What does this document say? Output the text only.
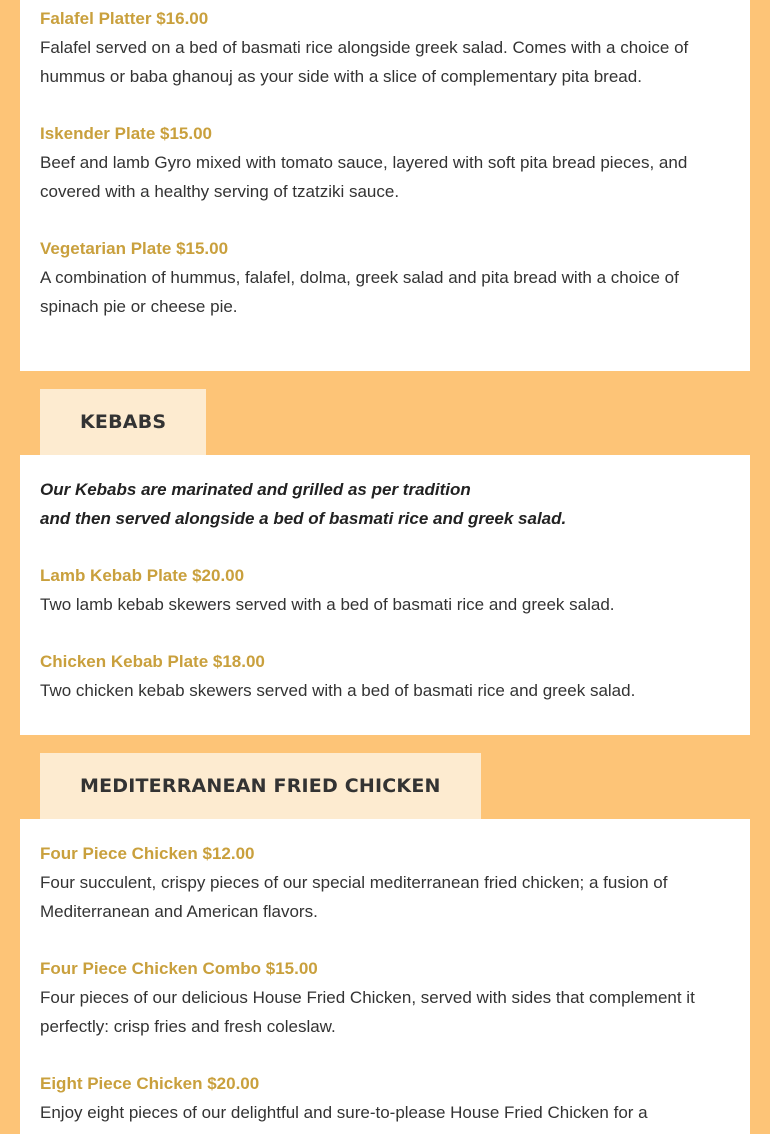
Falafel Platter $16.00
Falafel served on a bed of basmati rice alongside greek salad. Comes with a choice of hummus or baba ghanouj as your side with a slice of complementary pita bread.
Iskender Plate $15.00
Beef and lamb Gyro mixed with tomato sauce, layered with soft pita bread pieces, and covered with a healthy serving of tzatziki sauce.
Vegetarian Plate $15.00
A combination of hummus, falafel, dolma, greek salad and pita bread with a choice of spinach pie or cheese pie.
KEBABS
Our Kebabs are marinated and grilled as per tradition
and then served alongside a bed of basmati rice and greek salad.
Lamb Kebab Plate $20.00
Two lamb kebab skewers served with a bed of basmati rice and greek salad.
Chicken Kebab Plate $18.00
Two chicken kebab skewers served with a bed of basmati rice and greek salad.
MEDITERRANEAN FRIED CHICKEN
Four Piece Chicken $12.00
Four succulent, crispy pieces of our special mediterranean fried chicken; a fusion of Mediterranean and American flavors.
Four Piece Chicken Combo $15.00
Four pieces of our delicious House Fried Chicken, served with sides that complement it perfectly: crisp fries and fresh coleslaw.
Eight Piece Chicken $20.00
Enjoy eight pieces of our delightful and sure-to-please House Fried Chicken for a
